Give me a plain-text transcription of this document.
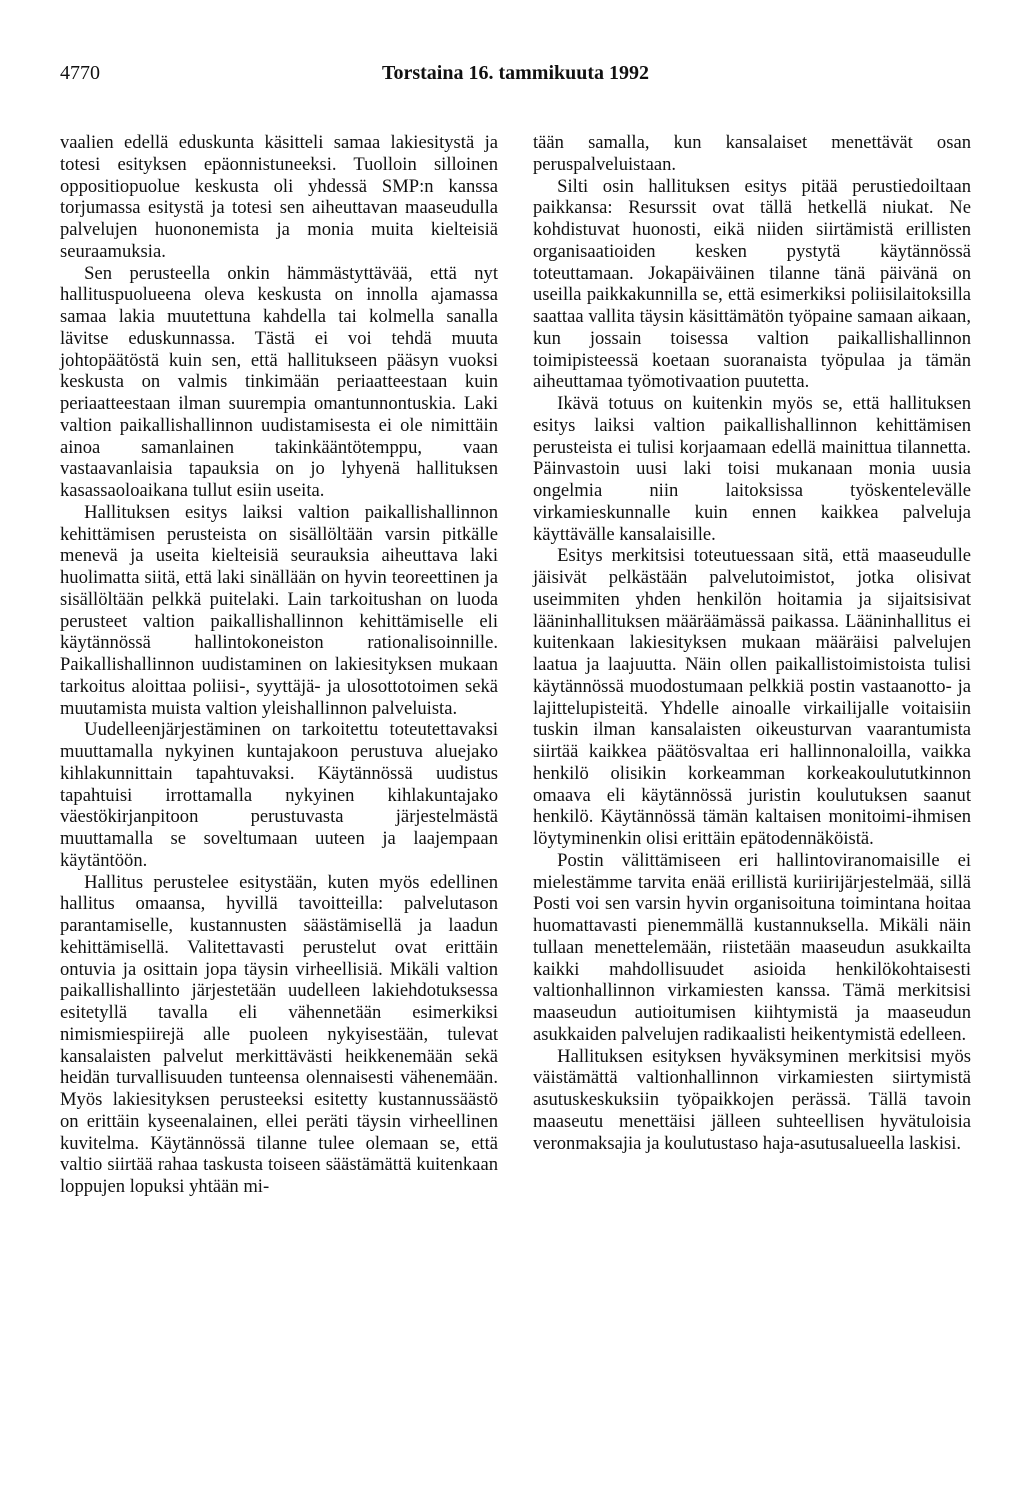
4770	Torstaina 16. tammikuuta 1992

vaalien edellä eduskunta käsitteli samaa lakiesitystä ja totesi esityksen epäonnistuneeksi. Tuolloin silloinen oppositiopuolue keskusta oli yhdessä SMP:n kanssa torjumassa esitystä ja totesi sen aiheuttavan maaseudulla palvelujen huononemista ja monia muita kielteisiä seuraamuksia.

Sen perusteella onkin hämmästyttävää, että nyt hallituspuolueena oleva keskusta on innolla ajamassa samaa lakia muutettuna kahdella tai kolmella sanalla lävitse eduskunnassa. Tästä ei voi tehdä muuta johtopäätöstä kuin sen, että hallitukseen pääsyn vuoksi keskusta on valmis tinkimään periaatteestaan kuin periaatteestaan ilman suurempia omantunnontuskia. Laki valtion paikallishallinnon uudistamisesta ei ole nimittäin ainoa samanlainen takinkääntötemppu, vaan vastaavanlaisia tapauksia on jo lyhyenä hallituksen kasassaoloaikana tullut esiin useita.

Hallituksen esitys laiksi valtion paikallishallinnon kehittämisen perusteista on sisällöltään varsin pitkälle menevä ja useita kielteisiä seurauksia aiheuttava laki huolimatta siitä, että laki sinällään on hyvin teoreettinen ja sisällöltään pelkkä puitelaki. Lain tarkoitushan on luoda perusteet valtion paikallishallinnon kehittämiselle eli käytännössä hallintokoneiston rationalisoinnille. Paikallishallinnon uudistaminen on lakiesityksen mukaan tarkoitus aloittaa poliisi-, syyttäjä- ja ulosottotoimen sekä muutamista muista valtion yleishallinnon palveluista.

Uudelleenjärjestäminen on tarkoitettu toteutettavaksi muuttamalla nykyinen kuntajakoon perustuva aluejako kihlakunnittain tapahtuvaksi. Käytännössä uudistus tapahtuisi irrottamalla nykyinen kihlakuntajako väestökirjanpitoon perustuvasta järjestelmästä muuttamalla se soveltumaan uuteen ja laajempaan käytäntöön.

Hallitus perustelee esitystään, kuten myös edellinen hallitus omaansa, hyvillä tavoitteilla: palvelutason parantamiselle, kustannusten säästämisellä ja laadun kehittämisellä. Valitettavasti perustelut ovat erittäin ontuvia ja osittain jopa täysin virheellisiä. Mikäli valtion paikallishallinto järjestetään uudelleen lakiehdotuksessa esitetyllä tavalla eli vähennetään esimerkiksi nimismiespiirejä alle puoleen nykyisestään, tulevat kansalaisten palvelut merkittävästi heikkenemään sekä heidän turvallisuuden tunteensa olennaisesti vähenemään. Myös lakiesityksen perusteeksi esitetty kustannussäästö on erittäin kyseenalainen, ellei peräti täysin virheellinen kuvitelma. Käytännössä tilanne tulee olemaan se, että valtio siirtää rahaa taskusta toiseen säästämättä kuitenkaan loppujen lopuksi yhtään mi-

tään samalla, kun kansalaiset menettävät osan peruspalveluistaan.

Silti osin hallituksen esitys pitää perustiedoiltaan paikkansa: Resurssit ovat tällä hetkellä niukat. Ne kohdistuvat huonosti, eikä niiden siirtämistä erillisten organisaatioiden kesken pystytä käytännössä toteuttamaan. Jokapäiväinen tilanne tänä päivänä on useilla paikkakunnilla se, että esimerkiksi poliisilaitoksilla saattaa vallita täysin käsittämätön työpaine samaan aikaan, kun jossain toisessa valtion paikallishallinnon toimipisteessä koetaan suoranaista työpulaa ja tämän aiheuttamaa työmotivaation puutetta.

Ikävä totuus on kuitenkin myös se, että hallituksen esitys laiksi valtion paikallishallinnon kehittämisen perusteista ei tulisi korjaamaan edellä mainittua tilannetta. Päinvastoin uusi laki toisi mukanaan monia uusia ongelmia niin laitoksissa työskentelevälle virkamieskunnalle kuin ennen kaikkea palveluja käyttävälle kansalaisille.

Esitys merkitsisi toteutuessaan sitä, että maaseudulle jäisivät pelkästään palvelutoimistot, jotka olisivat useimmiten yhden henkilön hoitamia ja sijaitsisivat lääninhallituksen määräämässä paikassa. Lääninhallitus ei kuitenkaan lakiesityksen mukaan määräisi palvelujen laatua ja laajuutta. Näin ollen paikallistoimistoista tulisi käytännössä muodostumaan pelkkiä postin vastaanotto- ja lajittelupisteitä. Yhdelle ainoalle virkailijalle voitaisiin tuskin ilman kansalaisten oikeusturvan vaarantumista siirtää kaikkea päätösvaltaa eri hallinnonaloilla, vaikka henkilö olisikin korkeamman korkeakoulututkinnon omaava eli käytännössä juristin koulutuksen saanut henkilö. Käytännössä tämän kaltaisen monitoimi-ihmisen löytyminenkin olisi erittäin epätodennäköistä.

Postin välittämiseen eri hallintoviranomaisille ei mielestämme tarvita enää erillistä kuriirijärjestelmää, sillä Posti voi sen varsin hyvin organisoituna toimintana hoitaa huomattavasti pienemmällä kustannuksella. Mikäli näin tullaan menettelemään, riistetään maaseudun asukkailta kaikki mahdollisuudet asioida henkilökohtaisesti valtionhallinnon virkamiesten kanssa. Tämä merkitsisi maaseudun autioitumisen kiihtymistä ja maaseudun asukkaiden palvelujen radikaalisti heikentymistä edelleen.

Hallituksen esityksen hyväksyminen merkitsisi myös väistämättä valtionhallinnon virkamiesten siirtymistä asutuskeskuksiin työpaikkojen perässä. Tällä tavoin maaseutu menettäisi jälleen suhteellisen hyvätuloisia veronmaksajia ja koulutustaso haja-asutusalueella laskisi.
